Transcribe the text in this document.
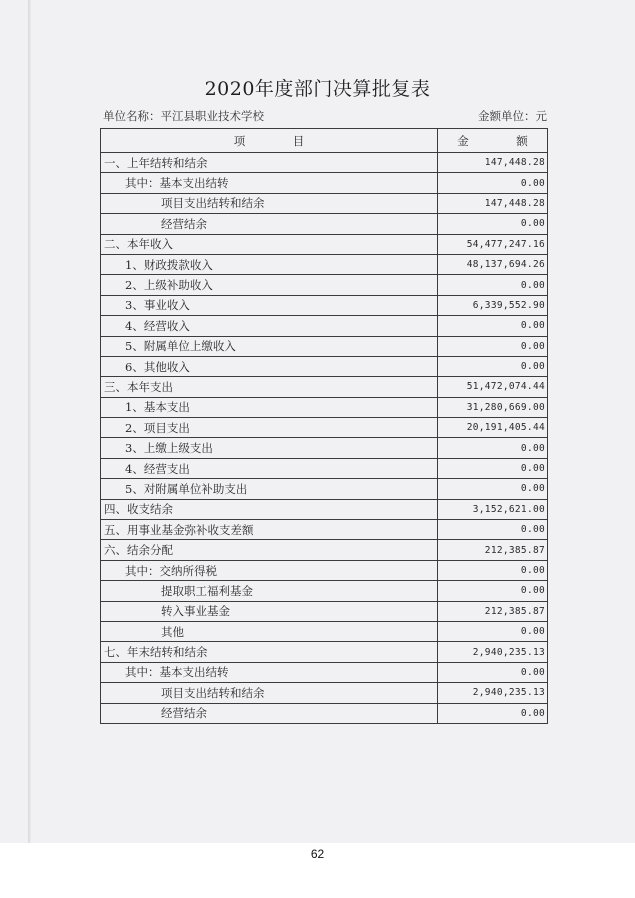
2020年度部门决算批复表
单位名称：平江县职业技术学校	金额单位：元
项　目	金　额
一、上年结转和结余	147,448.28
其中：基本支出结转	0.00
项目支出结转和结余	147,448.28
经营结余	0.00
二、本年收入	54,477,247.16
1、财政拨款收入	48,137,694.26
2、上级补助收入	0.00
3、事业收入	6,339,552.90
4、经营收入	0.00
5、附属单位上缴收入	0.00
6、其他收入	0.00
三、本年支出	51,472,074.44
1、基本支出	31,280,669.00
2、项目支出	20,191,405.44
3、上缴上级支出	0.00
4、经营支出	0.00
5、对附属单位补助支出	0.00
四、收支结余	3,152,621.00
五、用事业基金弥补收支差额	0.00
六、结余分配	212,385.87
其中：交纳所得税	0.00
提取职工福利基金	0.00
转入事业基金	212,385.87
其他	0.00
七、年末结转和结余	2,940,235.13
其中：基本支出结转	0.00
项目支出结转和结余	2,940,235.13
经营结余	0.00
62
